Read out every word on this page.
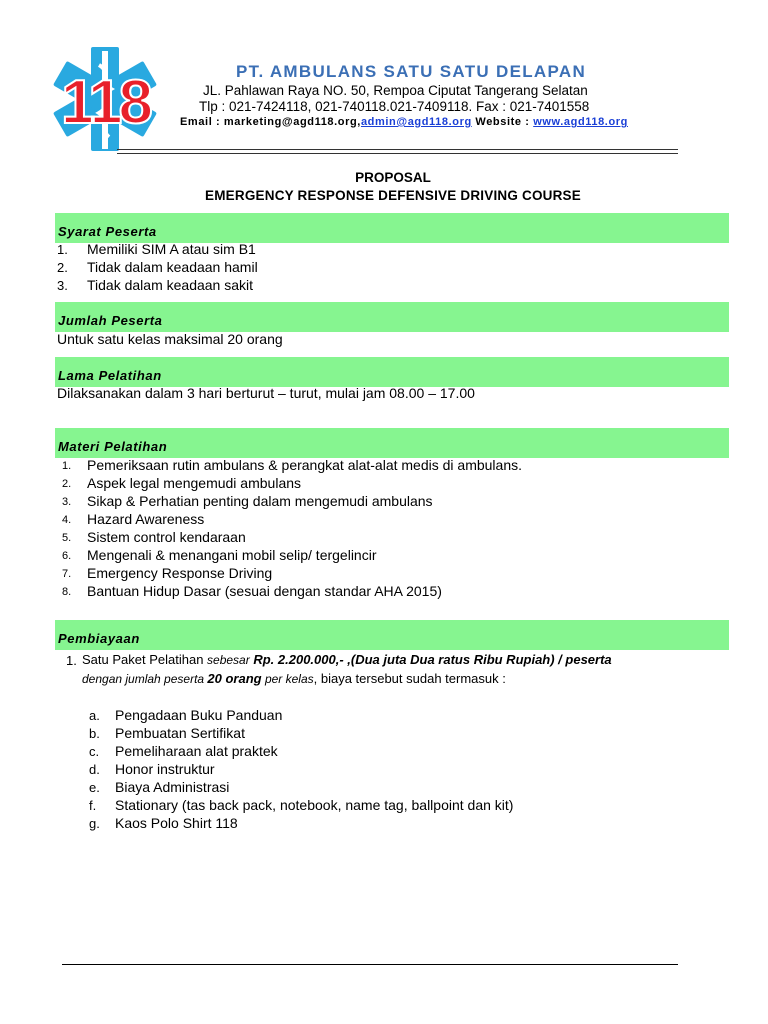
118	PT. AMBULANS SATU SATU DELAPAN
JL. Pahlawan Raya NO. 50, Rempoa Ciputat Tangerang Selatan
Tlp : 021-7424118, 021-740118.021-7409118. Fax : 021-7401558
Email : marketing@agd118.org,admin@agd118.org Website : www.agd118.org
PROPOSAL
EMERGENCY RESPONSE DEFENSIVE DRIVING COURSE
Syarat Peserta
1. Memiliki SIM A atau sim B1
2. Tidak dalam keadaan hamil
3. Tidak dalam keadaan sakit
Jumlah Peserta
Untuk satu kelas maksimal 20 orang
Lama Pelatihan
Dilaksanakan dalam 3 hari berturut – turut, mulai jam 08.00 – 17.00
Materi Pelatihan
1. Pemeriksaan rutin ambulans & perangkat alat-alat medis di ambulans.
2. Aspek legal mengemudi ambulans
3. Sikap & Perhatian penting dalam mengemudi ambulans
4. Hazard Awareness
5. Sistem control kendaraan
6. Mengenali & menangani mobil selip/ tergelincir
7. Emergency Response Driving
8. Bantuan Hidup Dasar (sesuai dengan standar AHA 2015)
Pembiayaan
1. Satu Paket Pelatihan sebesar Rp. 2.200.000,- ,(Dua juta Dua ratus Ribu Rupiah) / peserta
dengan jumlah peserta 20 orang per kelas, biaya tersebut sudah termasuk :
a. Pengadaan Buku Panduan
b. Pembuatan Sertifikat
c. Pemeliharaan alat praktek
d. Honor instruktur
e. Biaya Administrasi
f. Stationary (tas back pack, notebook, name tag, ballpoint dan kit)
g. Kaos Polo Shirt 118
